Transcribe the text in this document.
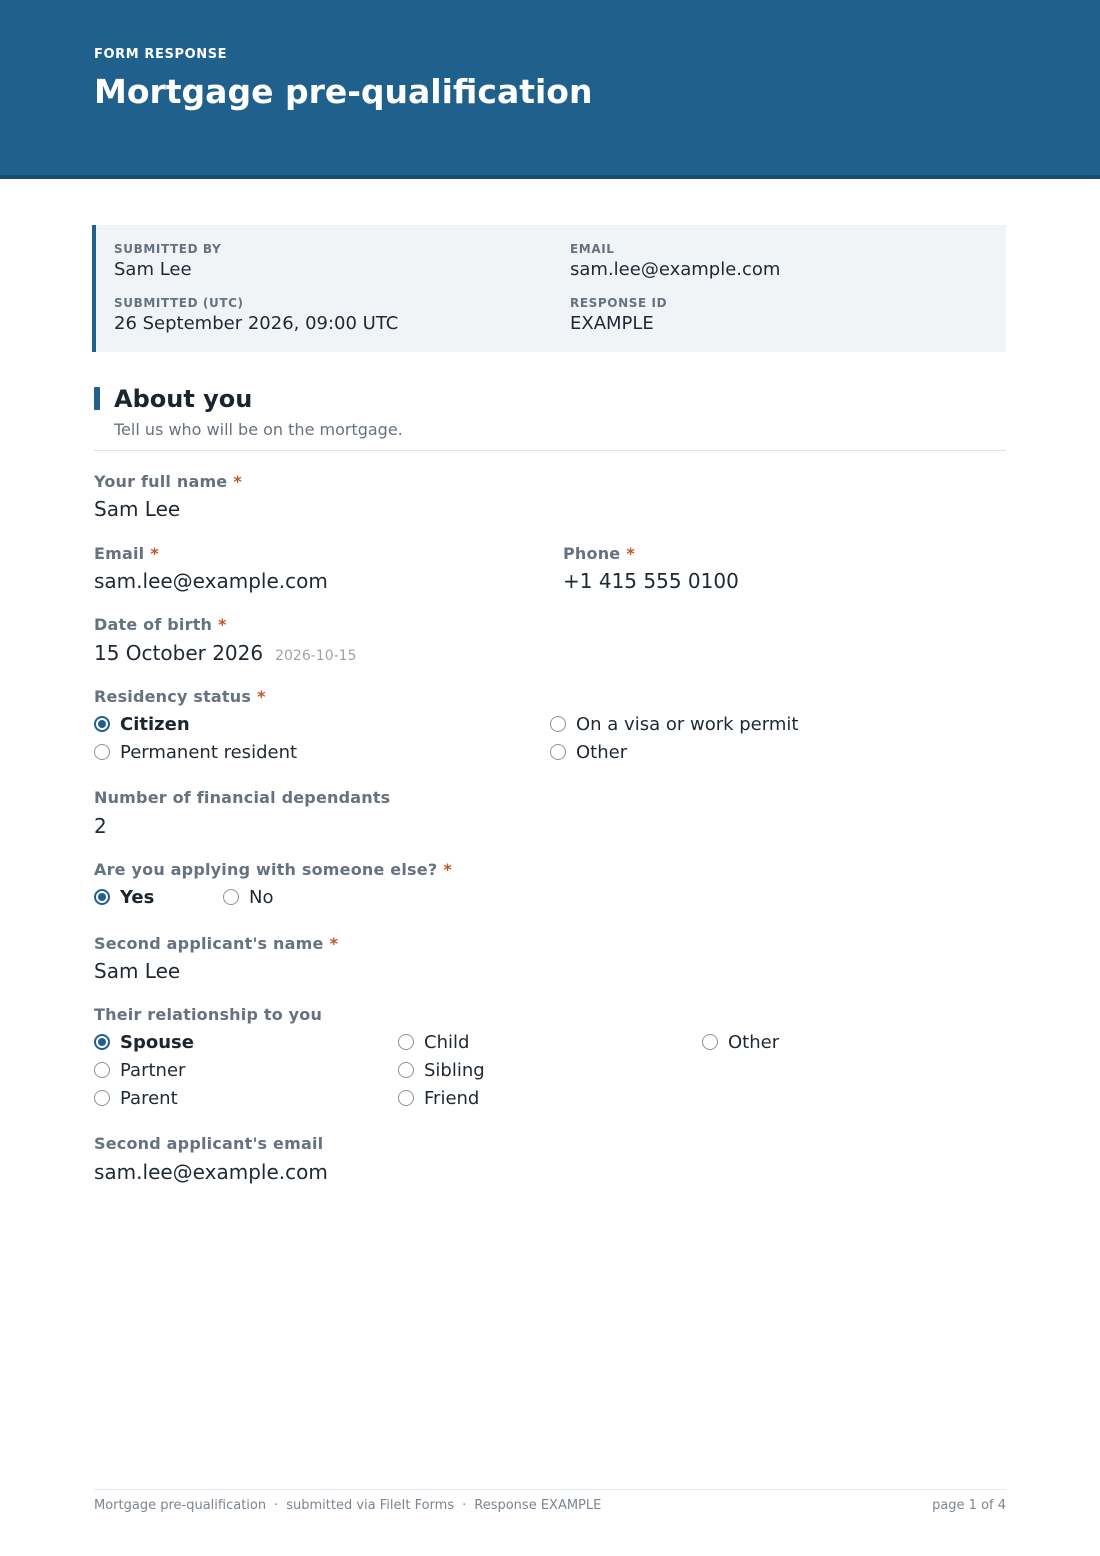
FORM RESPONSE
Mortgage pre-qualification
SUBMITTED BY
Sam Lee
EMAIL
sam.lee@example.com
SUBMITTED (UTC)
26 September 2026, 09:00 UTC
RESPONSE ID
EXAMPLE
About you
Tell us who will be on the mortgage.
Your full name *
Sam Lee
Email *
sam.lee@example.com
Phone *
+1 415 555 0100
Date of birth *
15 October 2026 2026-10-15
Residency status *
Citizen
Permanent resident
On a visa or work permit
Other
Number of financial dependants
2
Are you applying with someone else? *
Yes	No
Second applicant's name *
Sam Lee
Their relationship to you
Spouse
Partner
Parent
Child
Sibling
Friend
Other
Second applicant's email
sam.lee@example.com
Mortgage pre-qualification · submitted via FileIt Forms · Response EXAMPLE	page 1 of 4
